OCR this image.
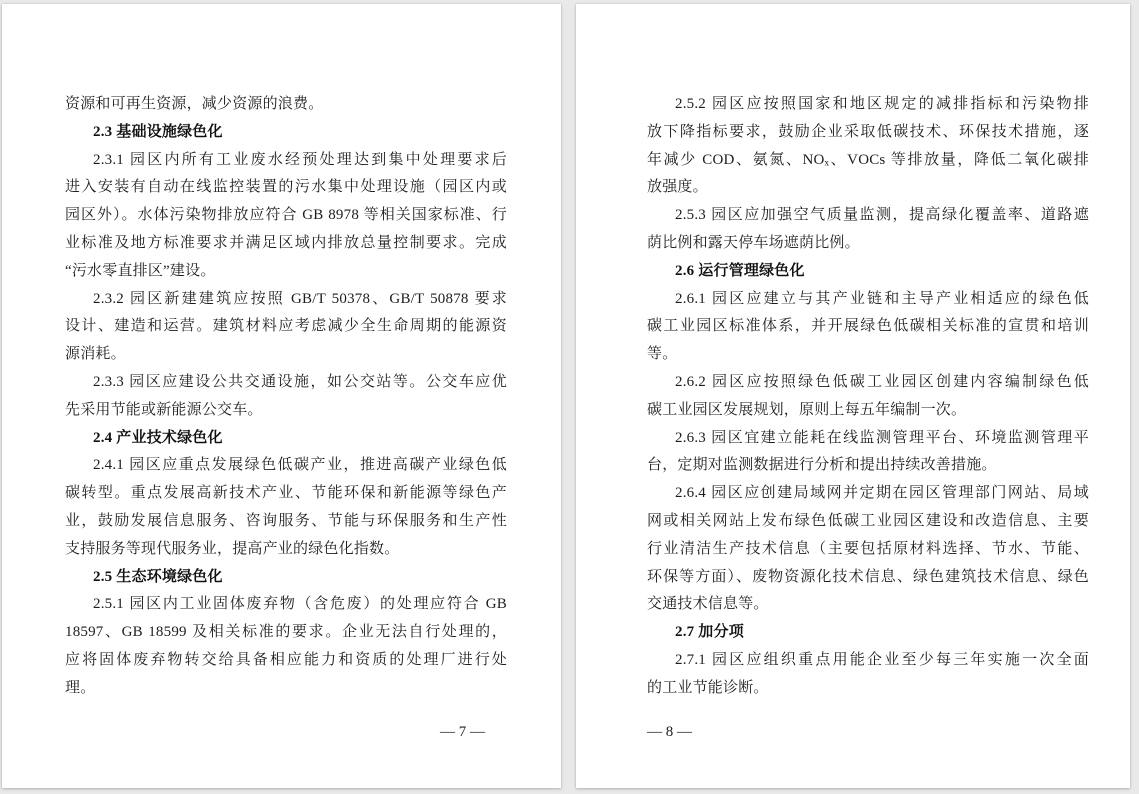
资源和可再生资源，减少资源的浪费。
2.3 基础设施绿色化
2.3.1 园区内所有工业废水经预处理达到集中处理要求后
进入安装有自动在线监控装置的污水集中处理设施（园区内或
园区外）。水体污染物排放应符合 GB 8978 等相关国家标准、行
业标准及地方标准要求并满足区域内排放总量控制要求。完成
“污水零直排区”建设。
2.3.2 园区新建建筑应按照 GB/T 50378、GB/T 50878 要求
设计、建造和运营。建筑材料应考虑减少全生命周期的能源资
源消耗。
2.3.3 园区应建设公共交通设施，如公交站等。公交车应优
先采用节能或新能源公交车。
2.4 产业技术绿色化
2.4.1 园区应重点发展绿色低碳产业，推进高碳产业绿色低
碳转型。重点发展高新技术产业、节能环保和新能源等绿色产
业，鼓励发展信息服务、咨询服务、节能与环保服务和生产性
支持服务等现代服务业，提高产业的绿色化指数。
2.5 生态环境绿色化
2.5.1 园区内工业固体废弃物（含危废）的处理应符合 GB
18597、GB 18599 及相关标准的要求。企业无法自行处理的，
应将固体废弃物转交给具备相应能力和资质的处理厂进行处
理。
— 7 —
2.5.2 园区应按照国家和地区规定的减排指标和污染物排
放下降指标要求，鼓励企业采取低碳技术、环保技术措施，逐
年减少 COD、氨氮、NOₓ、VOCs 等排放量，降低二氧化碳排
放强度。
2.5.3 园区应加强空气质量监测，提高绿化覆盖率、道路遮
荫比例和露天停车场遮荫比例。
2.6 运行管理绿色化
2.6.1 园区应建立与其产业链和主导产业相适应的绿色低
碳工业园区标准体系，并开展绿色低碳相关标准的宣贯和培训
等。
2.6.2 园区应按照绿色低碳工业园区创建内容编制绿色低
碳工业园区发展规划，原则上每五年编制一次。
2.6.3 园区宜建立能耗在线监测管理平台、环境监测管理平
台，定期对监测数据进行分析和提出持续改善措施。
2.6.4 园区应创建局域网并定期在园区管理部门网站、局域
网或相关网站上发布绿色低碳工业园区建设和改造信息、主要
行业清洁生产技术信息（主要包括原材料选择、节水、节能、
环保等方面）、废物资源化技术信息、绿色建筑技术信息、绿色
交通技术信息等。
2.7 加分项
2.7.1 园区应组织重点用能企业至少每三年实施一次全面
的工业节能诊断。
— 8 —
